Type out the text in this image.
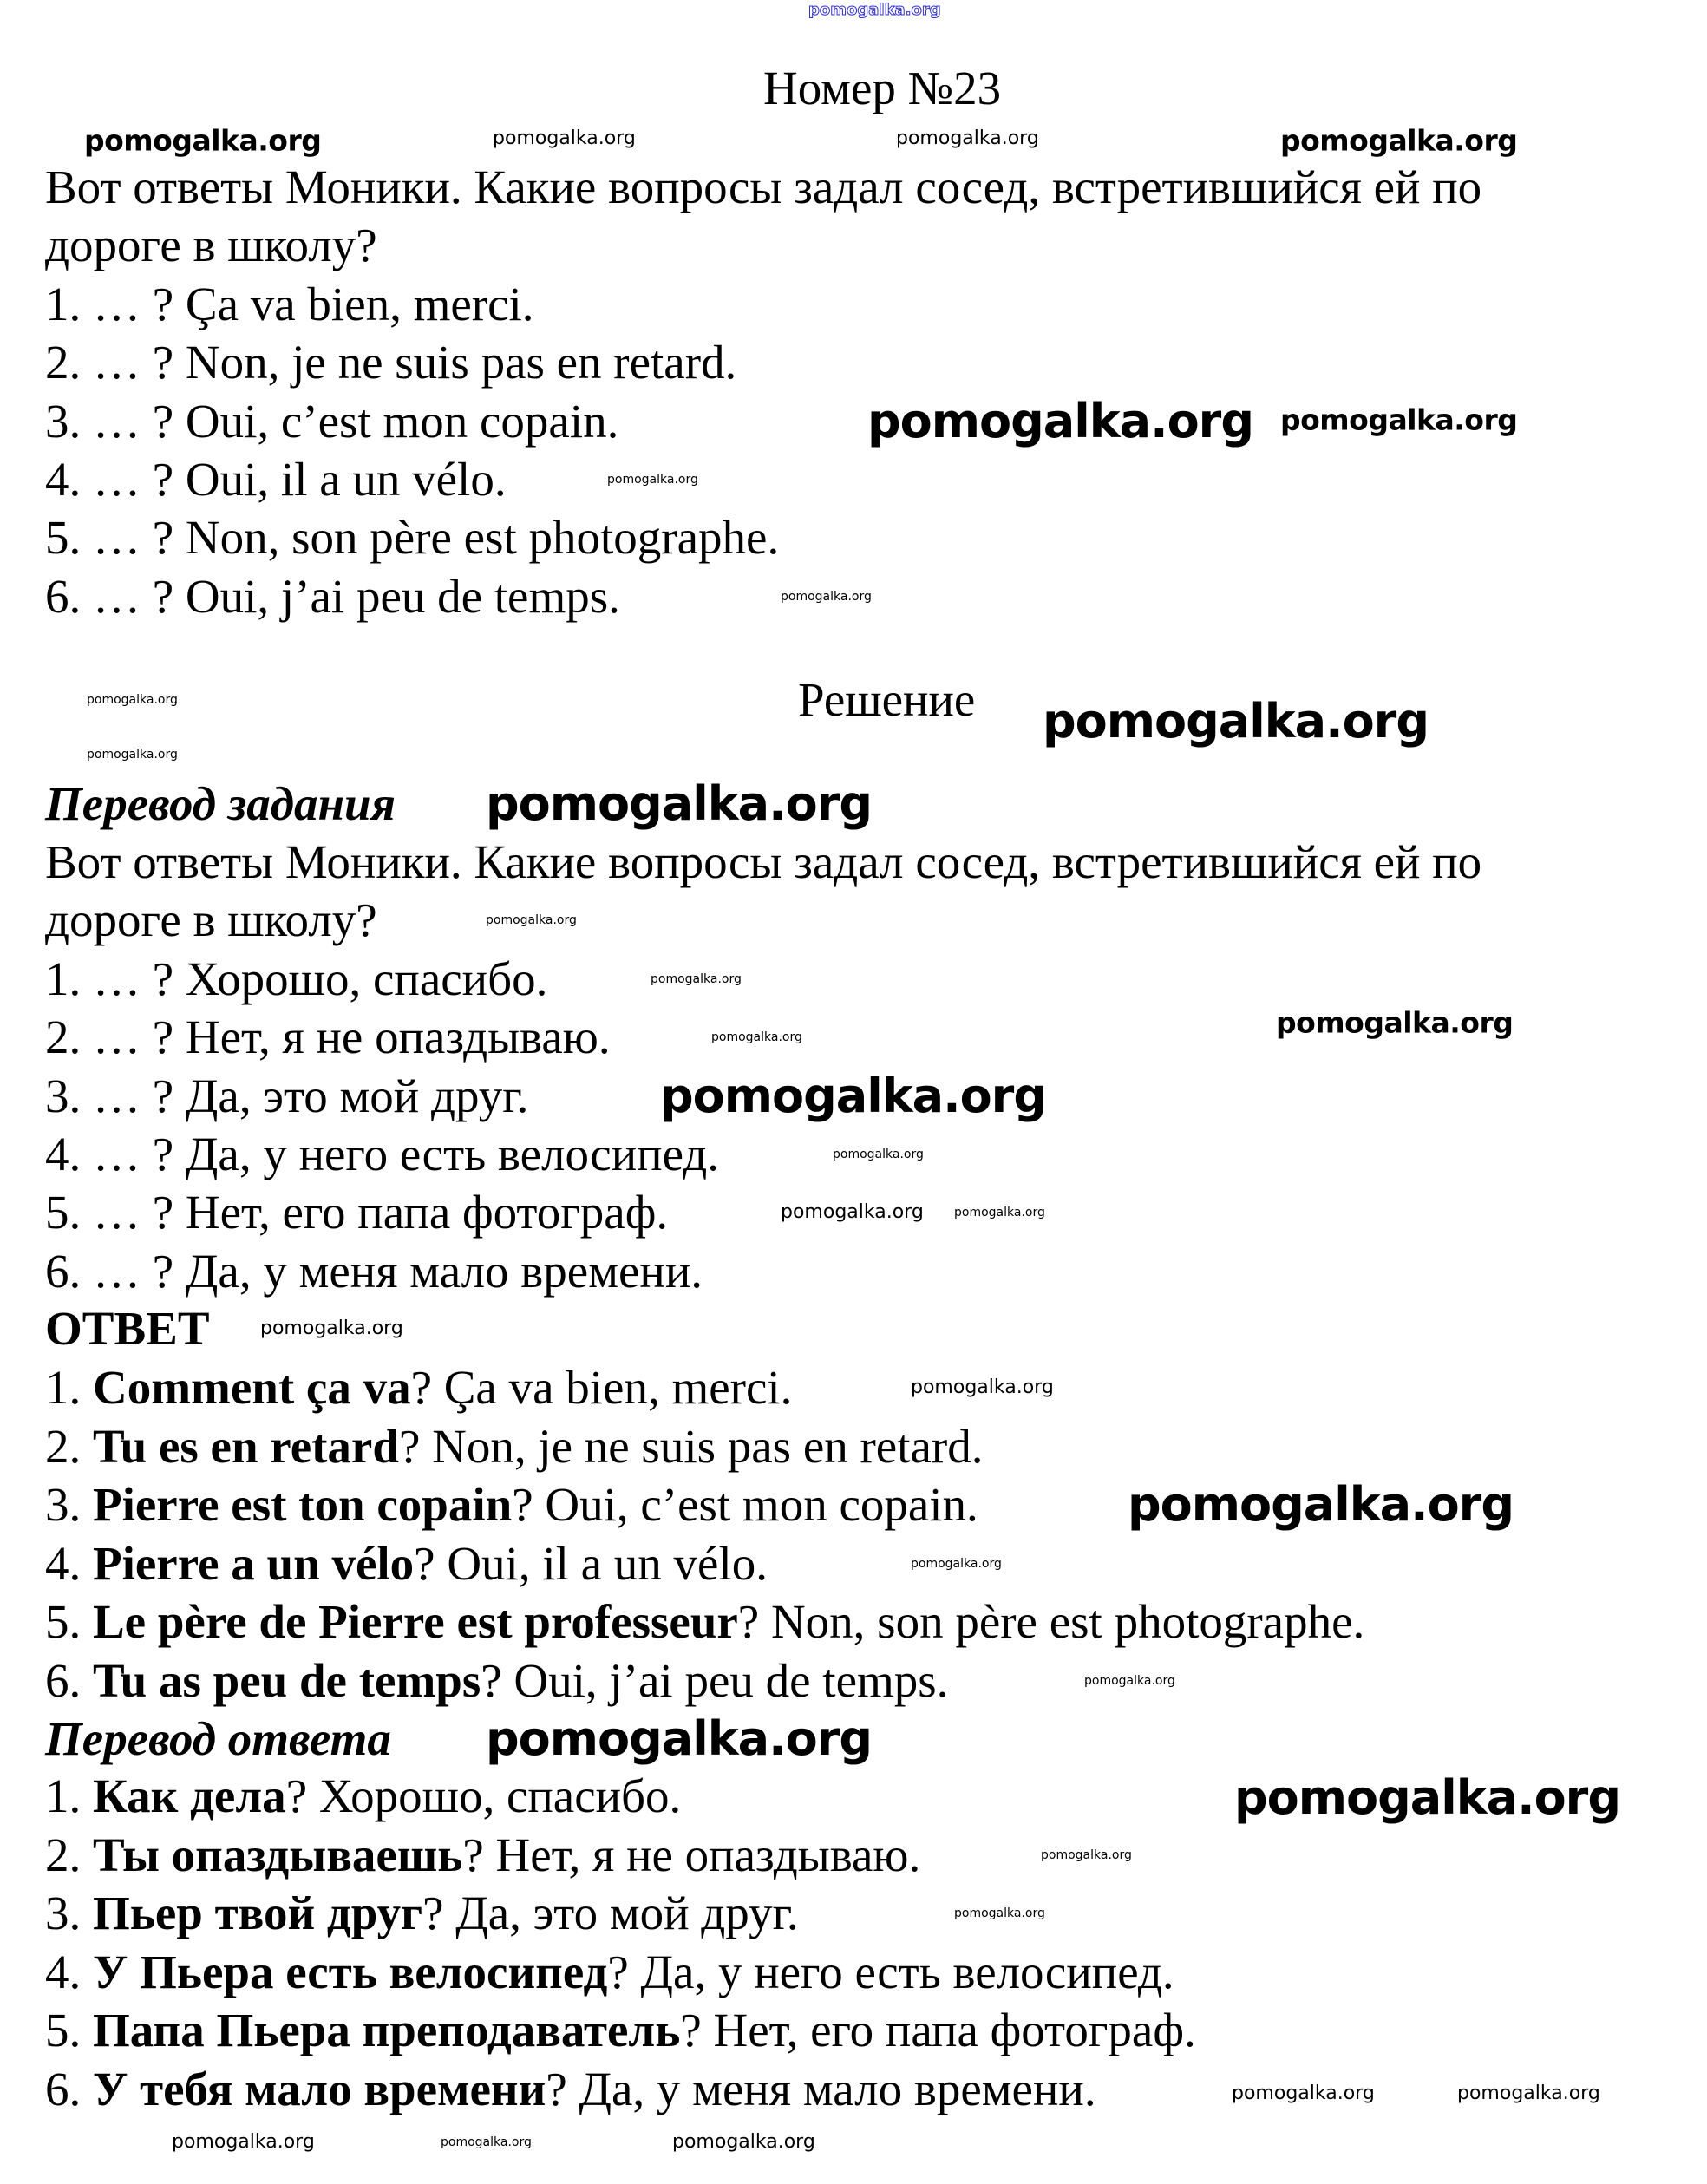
Номер №23
Вот ответы Моники. Какие вопросы задал сосед, встретившийся ей по
дороге в школу?
1. … ? Ça va bien, merci.
2. … ? Non, je ne suis pas en retard.
3. … ? Oui, c’est mon copain.
4. … ? Oui, il a un vélo.
5. … ? Non, son père est photographe.
6. … ? Oui, j’ai peu de temps.
Решение
Перевод задания
Вот ответы Моники. Какие вопросы задал сосед, встретившийся ей по
дороге в школу?
1. … ? Хорошо, спасибо.
2. … ? Нет, я не опаздываю.
3. … ? Да, это мой друг.
4. … ? Да, у него есть велосипед.
5. … ? Нет, его папа фотограф.
6. … ? Да, у меня мало времени.
ОТВЕТ
1. Comment ça va? Ça va bien, merci.
2. Tu es en retard? Non, je ne suis pas en retard.
3. Pierre est ton copain? Oui, c’est mon copain.
4. Pierre a un vélo? Oui, il a un vélo.
5. Le père de Pierre est professeur? Non, son père est photographe.
6. Tu as peu de temps? Oui, j’ai peu de temps.
Перевод ответа
1. Как дела? Хорошо, спасибо.
2. Ты опаздываешь? Нет, я не опаздываю.
3. Пьер твой друг? Да, это мой друг.
4. У Пьера есть велосипед? Да, у него есть велосипед.
5. Папа Пьера преподаватель? Нет, его папа фотограф.
6. У тебя мало времени? Да, у меня мало времени.
pomogalka.org
pomogalka.org	pomogalka.org
pomogalka.org	pomogalka.org
pomogalka.org pomogalka.org
pomogalka.org
pomogalka.org
pomogalka.org
pomogalka.org
pomogalka.org
pomogalka.org
pomogalka.org
pomogalka.org
pomogalka.org
pomogalka.org
pomogalka.org
pomogalka.org
pomogalka.org	pomogalka.org
pomogalka.org
pomogalka.org
pomogalka.org
pomogalka.org
pomogalka.org
pomogalka.org
pomogalka.org
pomogalka.org
pomogalka.org
pomogalka.org	pomogalka.org
pomogalka.org	pomogalka.org	pomogalka.org
